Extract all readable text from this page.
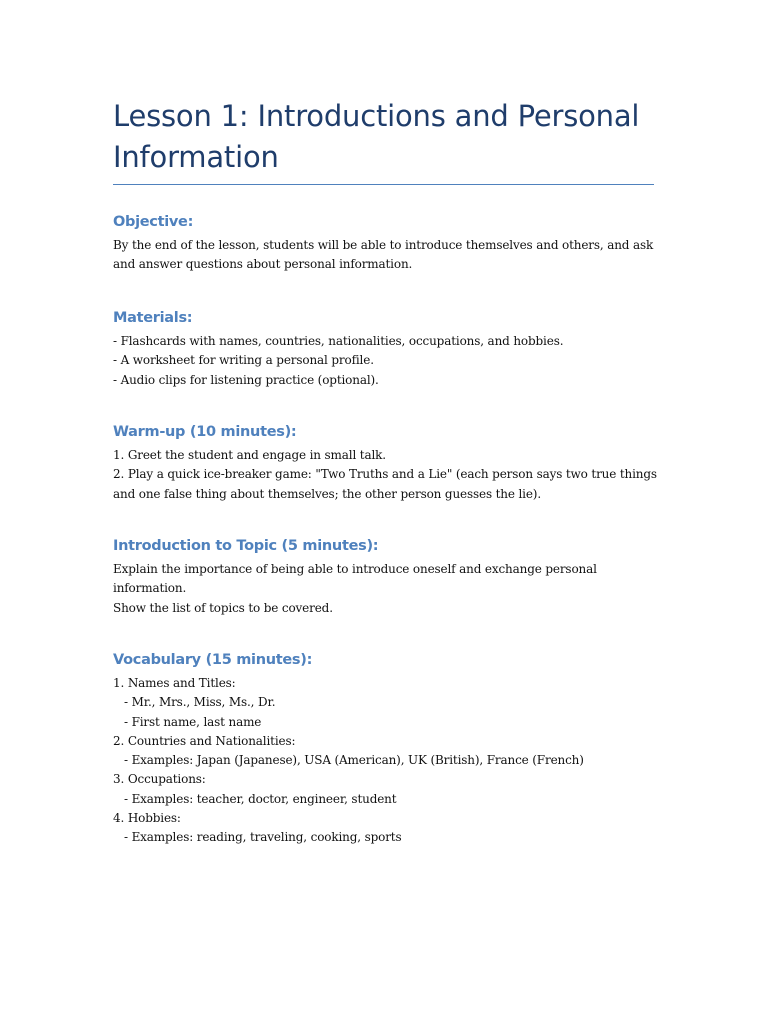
Lesson 1: Introductions and Personal
Information
Objective:

By the end of the lesson, students will be able to introduce themselves and others, and ask

and answer questions about personal information.

Materials:

- Flashcards with names, countries, nationalities, occupations, and hobbies.

- A worksheet for writing a personal profile.

- Audio clips for listening practice (optional).

Warm-up (10 minutes):

1. Greet the student and engage in small talk.

2. Play a quick ice-breaker game: "Two Truths and a Lie" (each person says two true things

and one false thing about themselves; the other person guesses the lie).

Introduction to Topic (5 minutes):

Explain the importance of being able to introduce oneself and exchange personal

information.

Show the list of topics to be covered.

Vocabulary (15 minutes):

1. Names and Titles:

- Mr., Mrs., Miss, Ms., Dr.

- First name, last name

2. Countries and Nationalities:

- Examples: Japan (Japanese), USA (American), UK (British), France (French)

3. Occupations:

- Examples: teacher, doctor, engineer, student

4. Hobbies:

- Examples: reading, traveling, cooking, sports
